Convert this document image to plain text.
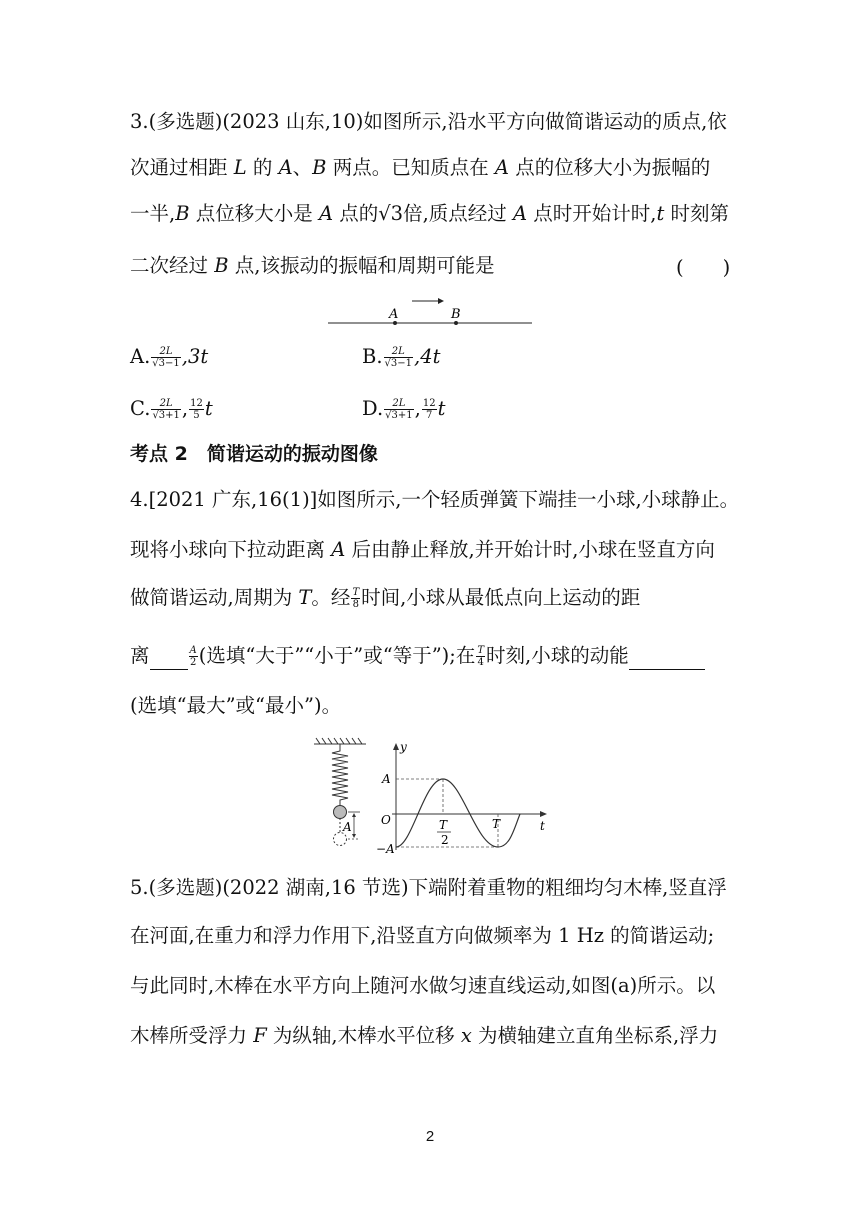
3.(多选题)(2023 山东,10)如图所示,沿水平方向做简谐运动的质点,依
次通过相距 L 的 A、B 两点。已知质点在 A 点的位移大小为振幅的
一半,B 点位移大小是 A 点的√3倍,质点经过 A 点时开始计时,t 时刻第
二次经过 B 点,该振动的振幅和周期可能是	(　　)
A	B
A. $\frac{2L}{√3-1} ,3t$	B. $\frac{2L}{√3-1} ,4t$
C. $\frac{2L}{√3+1}$ , $\frac{12}{5}$ t	D. $\frac{2L}{√3+1}$ , $\frac{12}{7}$ t
考点 2　简谐运动的振动图像
4.[2021 广东,16(1)]如图所示,一个轻质弹簧下端挂一小球,小球静止。
现将小球向下拉动距离 A 后由静止释放,并开始计时,小球在竖直方向
做简谐运动,周期为 T。经 $\frac{T}{8}$ 时间,小球从最低点向上运动的距
离	$\frac{A}{2}$ (选填“大于”“小于”或“等于”);在 $\frac{T}{4}$ 时刻,小球的动能
(选填“最大”或“最小”)。
A
y
t
O
A
−A
T
2
T
5.(多选题)(2022 湖南,16 节选)下端附着重物的粗细均匀木棒,竖直浮
在河面,在重力和浮力作用下,沿竖直方向做频率为 1 Hz 的简谐运动;
与此同时,木棒在水平方向上随河水做匀速直线运动,如图(a)所示。以
木棒所受浮力 F 为纵轴,木棒水平位移 x 为横轴建立直角坐标系,浮力
2
